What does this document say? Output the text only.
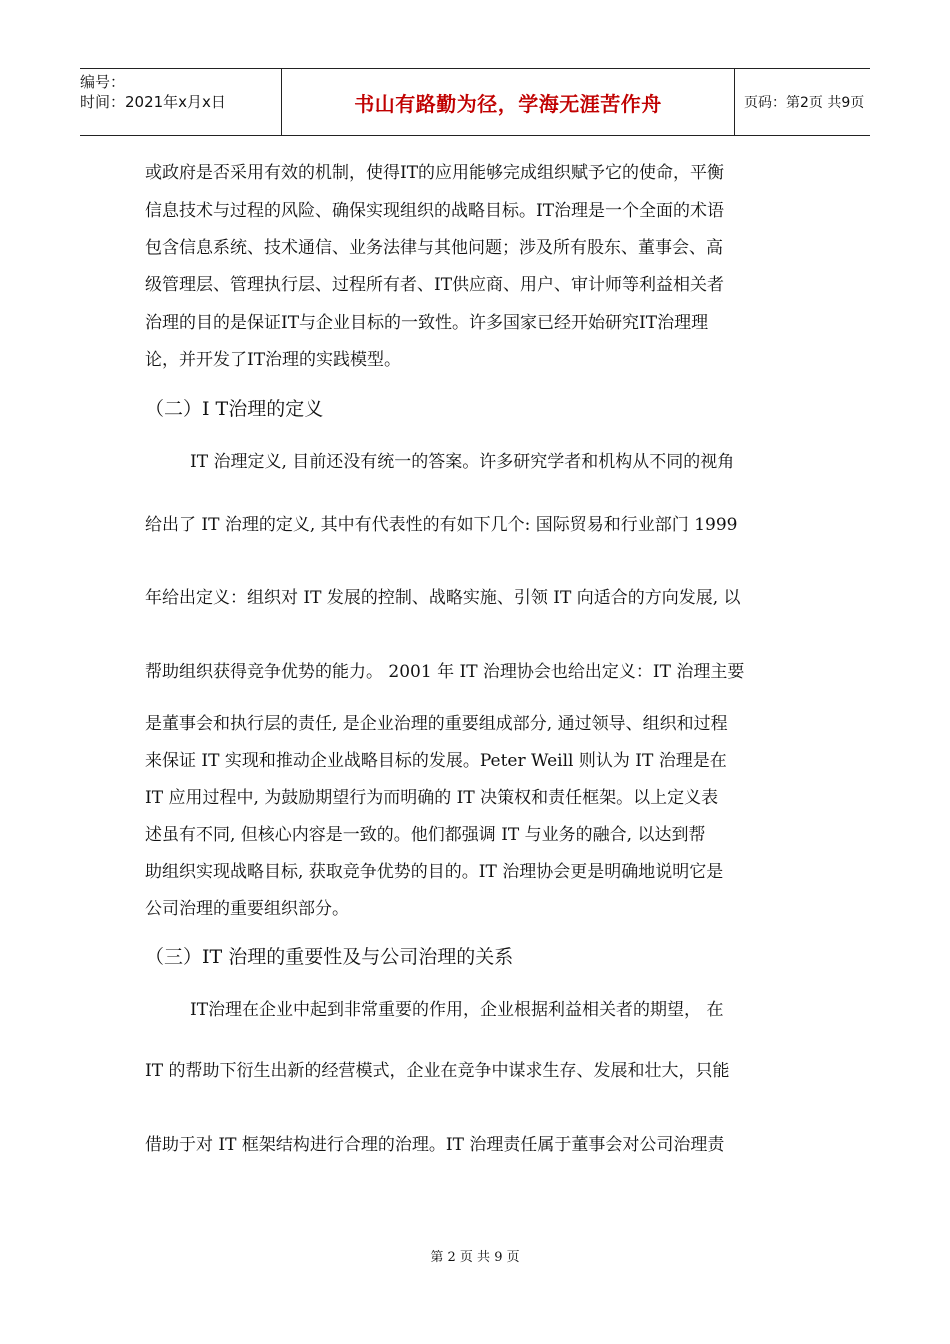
编号：
时间：2021年x月x日	书山有路勤为径，学海无涯苦作舟	页码：第2页 共9页
或政府是否采用有效的机制，使得IT的应用能够完成组织赋予它的使命，平衡
信息技术与过程的风险、确保实现组织的战略目标。IT治理是一个全面的术语
包含信息系统、技术通信、业务法律与其他问题；涉及所有股东、董事会、高
级管理层、管理执行层、过程所有者、IT供应商、用户、审计师等利益相关者
治理的目的是保证IT与企业目标的一致性。许多国家已经开始研究IT治理理
论，并开发了IT治理的实践模型。
（二）I T治理的定义
IT 治理定义, 目前还没有统一的答案。许多研究学者和机构从不同的视角
给出了 IT 治理的定义, 其中有代表性的有如下几个: 国际贸易和行业部门 1999
年给出定义：组织对 IT 发展的控制、战略实施、引领 IT 向适合的方向发展, 以
帮助组织获得竞争优势的能力。 2001 年 IT 治理协会也给出定义：IT 治理主要
是董事会和执行层的责任, 是企业治理的重要组成部分, 通过领导、组织和过程
来保证 IT 实现和推动企业战略目标的发展。Peter Weill 则认为 IT 治理是在
IT 应用过程中, 为鼓励期望行为而明确的 IT 决策权和责任框架。以上定义表
述虽有不同, 但核心内容是一致的。他们都强调 IT 与业务的融合, 以达到帮
助组织实现战略目标, 获取竞争优势的目的。IT 治理协会更是明确地说明它是
公司治理的重要组织部分。
（三）IT 治理的重要性及与公司治理的关系
IT治理在企业中起到非常重要的作用，企业根据利益相关者的期望， 在
IT 的帮助下衍生出新的经营模式，企业在竞争中谋求生存、发展和壮大，只能
借助于对 IT 框架结构进行合理的治理。IT 治理责任属于董事会对公司治理责
第 2 页 共 9 页
